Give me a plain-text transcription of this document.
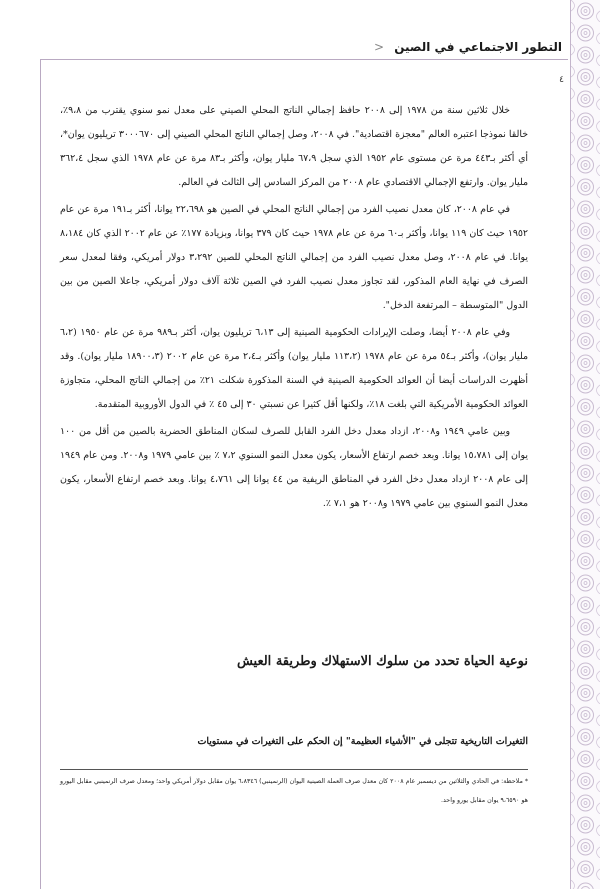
التطور الاجتماعي في الصين <
٤

خلال ثلاثين سنة من ١٩٧٨ إلى ٢٠٠٨ حافظ إجمالي الناتج المحلي الصيني على معدل نمو سنوي يقترب من ٩،٨٪، خالقا نموذجا اعتبره العالم "معجزة اقتصادية". في ٢٠٠٨، وصل إجمالي الناتج المحلي الصيني إلى ٣٠٠٠٦٧٠ تريليون يوان*، أي أكثر بـ٤٤٣ مرة عن مستوى عام ١٩٥٢ الذي سجل ٦٧،٩ مليار يوان، وأكثر بـ٨٣ مرة عن عام ١٩٧٨ الذي سجل ٣٦٢،٤ مليار يوان. وارتفع الإجمالي الاقتصادي عام ٢٠٠٨ من المركز السادس إلى الثالث في العالم.

في عام ٢٠٠٨، كان معدل نصيب الفرد من إجمالي الناتج المحلي في الصين هو ٢٢،٦٩٨ يوانا، أكثر بـ١٩١ مرة عن عام ١٩٥٢ حيث كان ١١٩ يوانا، وأكثر بـ٦٠ مرة عن عام ١٩٧٨ حيث كان ٣٧٩ يوانا، وبزيادة ١٧٧٪ عن عام ٢٠٠٢ الذي كان ٨،١٨٤ يوانا. في عام ٢٠٠٨، وصل معدل نصيب الفرد من إجمالي الناتج المحلي للصين ٣،٢٩٢ دولار أمريكي، وفقا لمعدل سعر الصرف في نهاية العام المذكور، لقد تجاوز معدل نصيب الفرد في الصين ثلاثة آلاف دولار أمريكي، جاعلا الصين من بين الدول "المتوسطة – المرتفعة الدخل".

وفي عام ٢٠٠٨ أيضا، وصلت الإيرادات الحكومية الصينية إلى ٦،١٣ تريليون يوان، أكثر بـ٩٨٩ مرة عن عام ١٩٥٠ (٦،٢ مليار يوان)، وأكثر بـ٥٤ مرة عن عام ١٩٧٨ (١١٣،٢ مليار يوان) وأكثر بـ٢،٤ مرة عن عام ٢٠٠٢ (١٨٩٠٠،٣ مليار يوان). وقد أظهرت الدراسات أيضا أن العوائد الحكومية الصينية في السنة المذكورة شكلت ٢١٪ من إجمالي الناتج المحلي، متجاوزة العوائد الحكومية الأمريكية التي بلغت ١٨٪، ولكنها أقل كثيرا عن نسبتي ٣٠ إلى ٤٥ ٪ في الدول الأوروبية المتقدمة.

وبين عامي ١٩٤٩ و٢٠٠٨، ازداد معدل دخل الفرد القابل للصرف لسكان المناطق الحضرية بالصين من أقل من ١٠٠ يوان إلى ١٥،٧٨١ يوانا. وبعد خصم ارتفاع الأسعار، يكون معدل النمو السنوي ٧،٢ ٪ بين عامي ١٩٧٩ و٢٠٠٨. ومن عام ١٩٤٩ إلى عام ٢٠٠٨ ازداد معدل دخل الفرد في المناطق الريفية من ٤٤ يوانا إلى ٤،٧٦١ يوانا. وبعد خصم ارتفاع الأسعار، يكون معدل النمو السنوي بين عامي ١٩٧٩ و٢٠٠٨ هو ٧،١ ٪.

نوعية الحياة تحدد من سلوك الاستهلاك وطريقة العيش

التغيرات التاريخية تتجلى في "الأشياء العظيمة" إن الحكم على التغيرات في مستويات

* ملاحظة: في الحادي والثلاثين من ديسمبر عام ٢٠٠٨ كان معدل صرف العملة الصينية اليوان (الرنمينبي) ٦،٨٣٤٦ يوان مقابل دولار أمريكي واحد؛ ومعدل صرف الرنمينبي مقابل اليورو هو ٩،٦٥٩٠ يوان مقابل يورو واحد.
